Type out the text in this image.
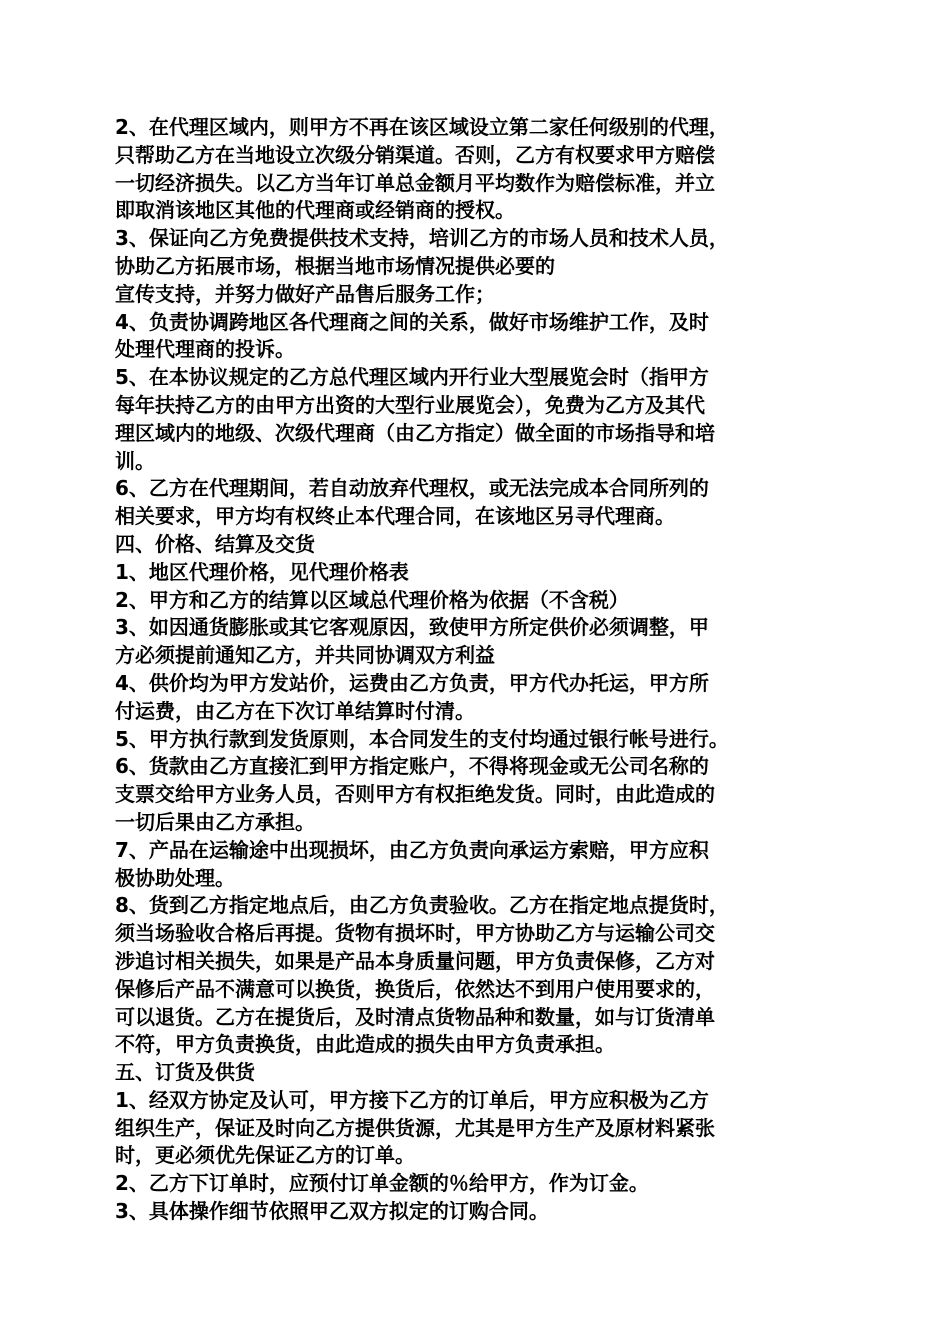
2、在代理区域内，则甲方不再在该区域设立第二家任何级别的代理，
只帮助乙方在当地设立次级分销渠道。否则，乙方有权要求甲方赔偿
一切经济损失。以乙方当年订单总金额月平均数作为赔偿标准，并立
即取消该地区其他的代理商或经销商的授权。
3、保证向乙方免费提供技术支持，培训乙方的市场人员和技术人员，
协助乙方拓展市场，根据当地市场情况提供必要的
宣传支持，并努力做好产品售后服务工作；
4、负责协调跨地区各代理商之间的关系，做好市场维护工作，及时
处理代理商的投诉。
5、在本协议规定的乙方总代理区域内开行业大型展览会时（指甲方
每年扶持乙方的由甲方出资的大型行业展览会），免费为乙方及其代
理区域内的地级、次级代理商（由乙方指定）做全面的市场指导和培
训。
6、乙方在代理期间，若自动放弃代理权，或无法完成本合同所列的
相关要求，甲方均有权终止本代理合同，在该地区另寻代理商。
四、价格、结算及交货
1、地区代理价格，见代理价格表
2、甲方和乙方的结算以区域总代理价格为依据（不含税）
3、如因通货膨胀或其它客观原因，致使甲方所定供价必须调整，甲
方必须提前通知乙方，并共同协调双方利益
4、供价均为甲方发站价，运费由乙方负责，甲方代办托运，甲方所
付运费，由乙方在下次订单结算时付清。
5、甲方执行款到发货原则，本合同发生的支付均通过银行帐号进行。
6、货款由乙方直接汇到甲方指定账户，不得将现金或无公司名称的
支票交给甲方业务人员，否则甲方有权拒绝发货。同时，由此造成的
一切后果由乙方承担。
7、产品在运输途中出现损坏，由乙方负责向承运方索赔，甲方应积
极协助处理。
8、货到乙方指定地点后，由乙方负责验收。乙方在指定地点提货时，
须当场验收合格后再提。货物有损坏时，甲方协助乙方与运输公司交
涉追讨相关损失，如果是产品本身质量问题，甲方负责保修，乙方对
保修后产品不满意可以换货，换货后，依然达不到用户使用要求的，
可以退货。乙方在提货后，及时清点货物品种和数量，如与订货清单
不符，甲方负责换货，由此造成的损失由甲方负责承担。
五、订货及供货
1、经双方协定及认可，甲方接下乙方的订单后，甲方应积极为乙方
组织生产，保证及时向乙方提供货源，尤其是甲方生产及原材料紧张
时，更必须优先保证乙方的订单。
2、乙方下订单时，应预付订单金额的％给甲方，作为订金。
3、具体操作细节依照甲乙双方拟定的订购合同。
